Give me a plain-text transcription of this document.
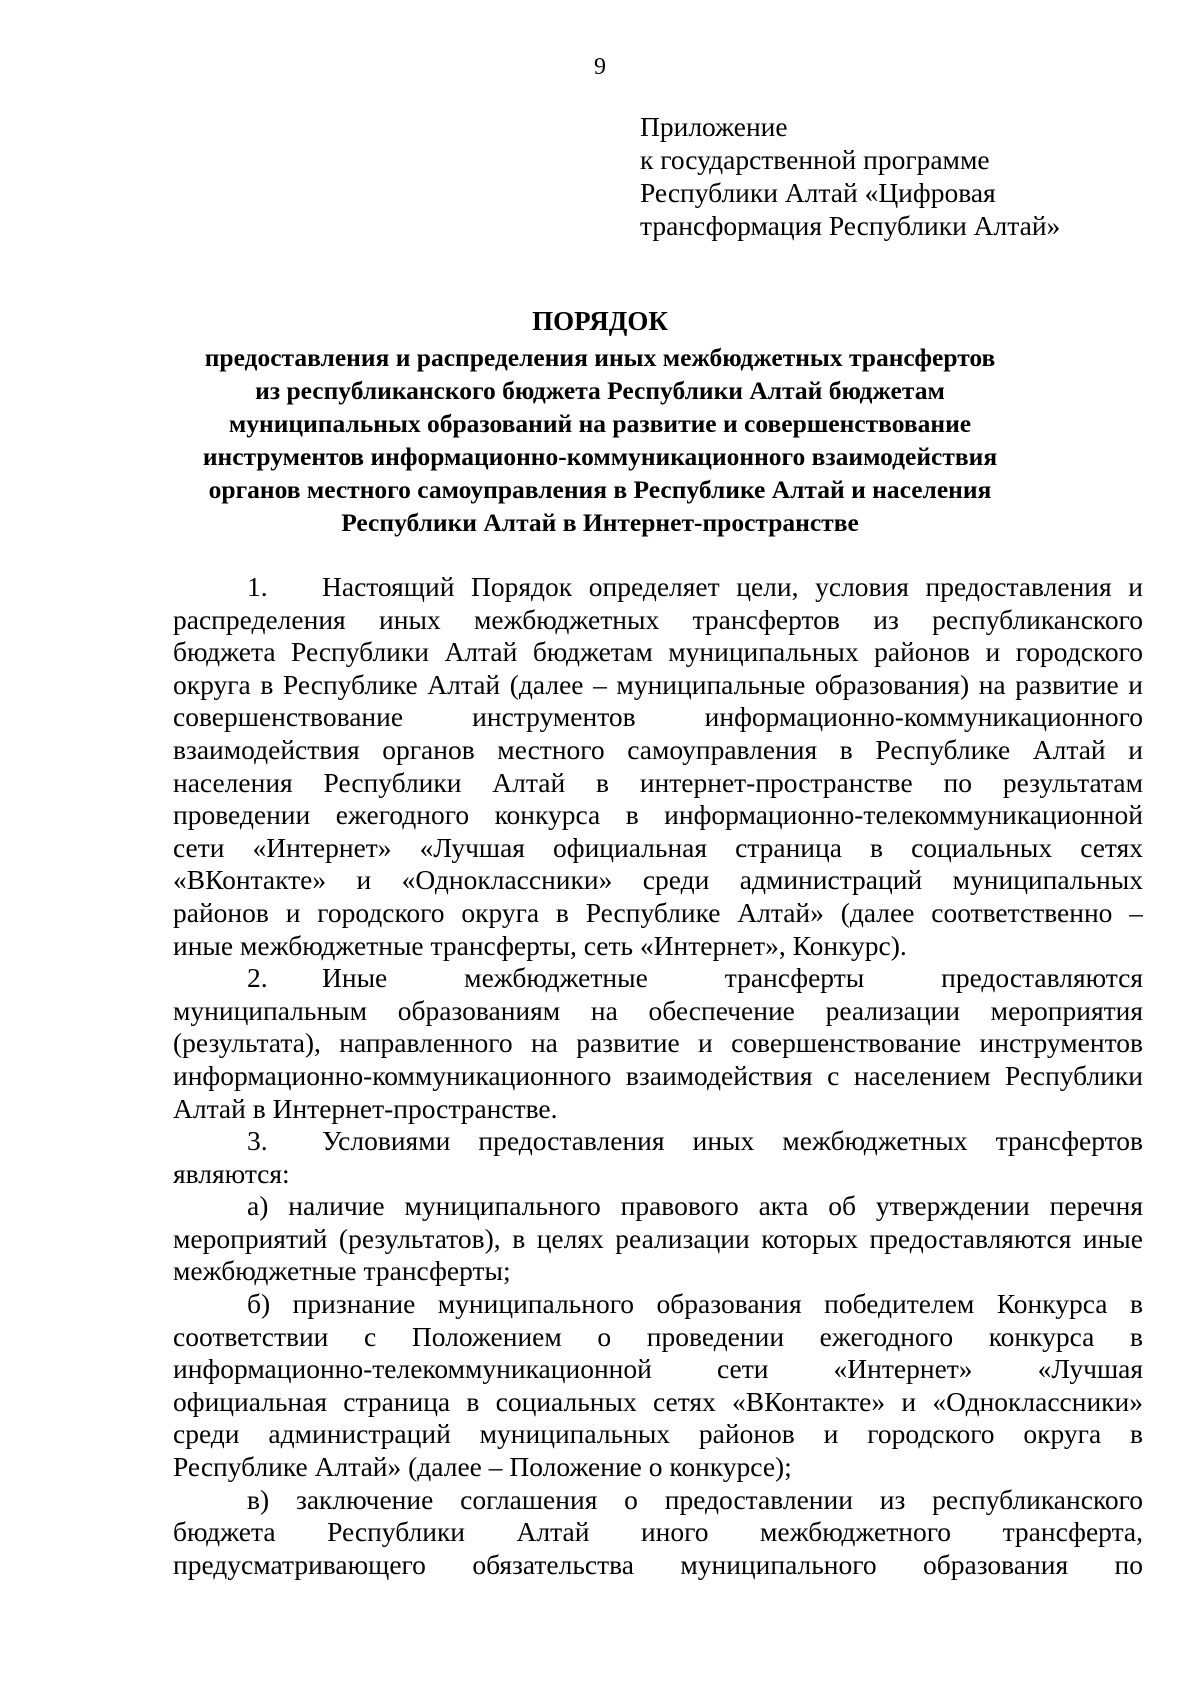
9
Приложение
к государственной программе
Республики Алтай «Цифровая
трансформация Республики Алтай»
ПОРЯДОК
предоставления и распределения иных межбюджетных трансфертов
из республиканского бюджета Республики Алтай бюджетам
муниципальных образований на развитие и совершенствование
инструментов информационно-коммуникационного взаимодействия
органов местного самоуправления в Республике Алтай и населения
Республики Алтай в Интернет-пространстве
1. Настоящий Порядок определяет цели, условия предоставления и
распределения иных межбюджетных трансфертов из республиканского
бюджета Республики Алтай бюджетам муниципальных районов и городского
округа в Республике Алтай (далее – муниципальные образования) на развитие и
совершенствование инструментов информационно-коммуникационного
взаимодействия органов местного самоуправления в Республике Алтай и
населения Республики Алтай в интернет-пространстве по результатам
проведении ежегодного конкурса в информационно-телекоммуникационной
сети «Интернет» «Лучшая официальная страница в социальных сетях
«ВКонтакте» и «Одноклассники» среди администраций муниципальных
районов и городского округа в Республике Алтай» (далее соответственно –
иные межбюджетные трансферты, сеть «Интернет», Конкурс).
2. Иные межбюджетные трансферты предоставляются
муниципальным образованиям на обеспечение реализации мероприятия
(результата), направленного на развитие и совершенствование инструментов
информационно-коммуникационного взаимодействия с населением Республики
Алтай в Интернет-пространстве.
3. Условиями предоставления иных межбюджетных трансфертов
являются:
а) наличие муниципального правового акта об утверждении перечня
мероприятий (результатов), в целях реализации которых предоставляются иные
межбюджетные трансферты;
б) признание муниципального образования победителем Конкурса в
соответствии с Положением о проведении ежегодного конкурса в
информационно-телекоммуникационной сети «Интернет» «Лучшая
официальная страница в социальных сетях «ВКонтакте» и «Одноклассники»
среди администраций муниципальных районов и городского округа в
Республике Алтай» (далее – Положение о конкурсе);
в) заключение соглашения о предоставлении из республиканского
бюджета Республики Алтай иного межбюджетного трансферта,
предусматривающего обязательства муниципального образования по
